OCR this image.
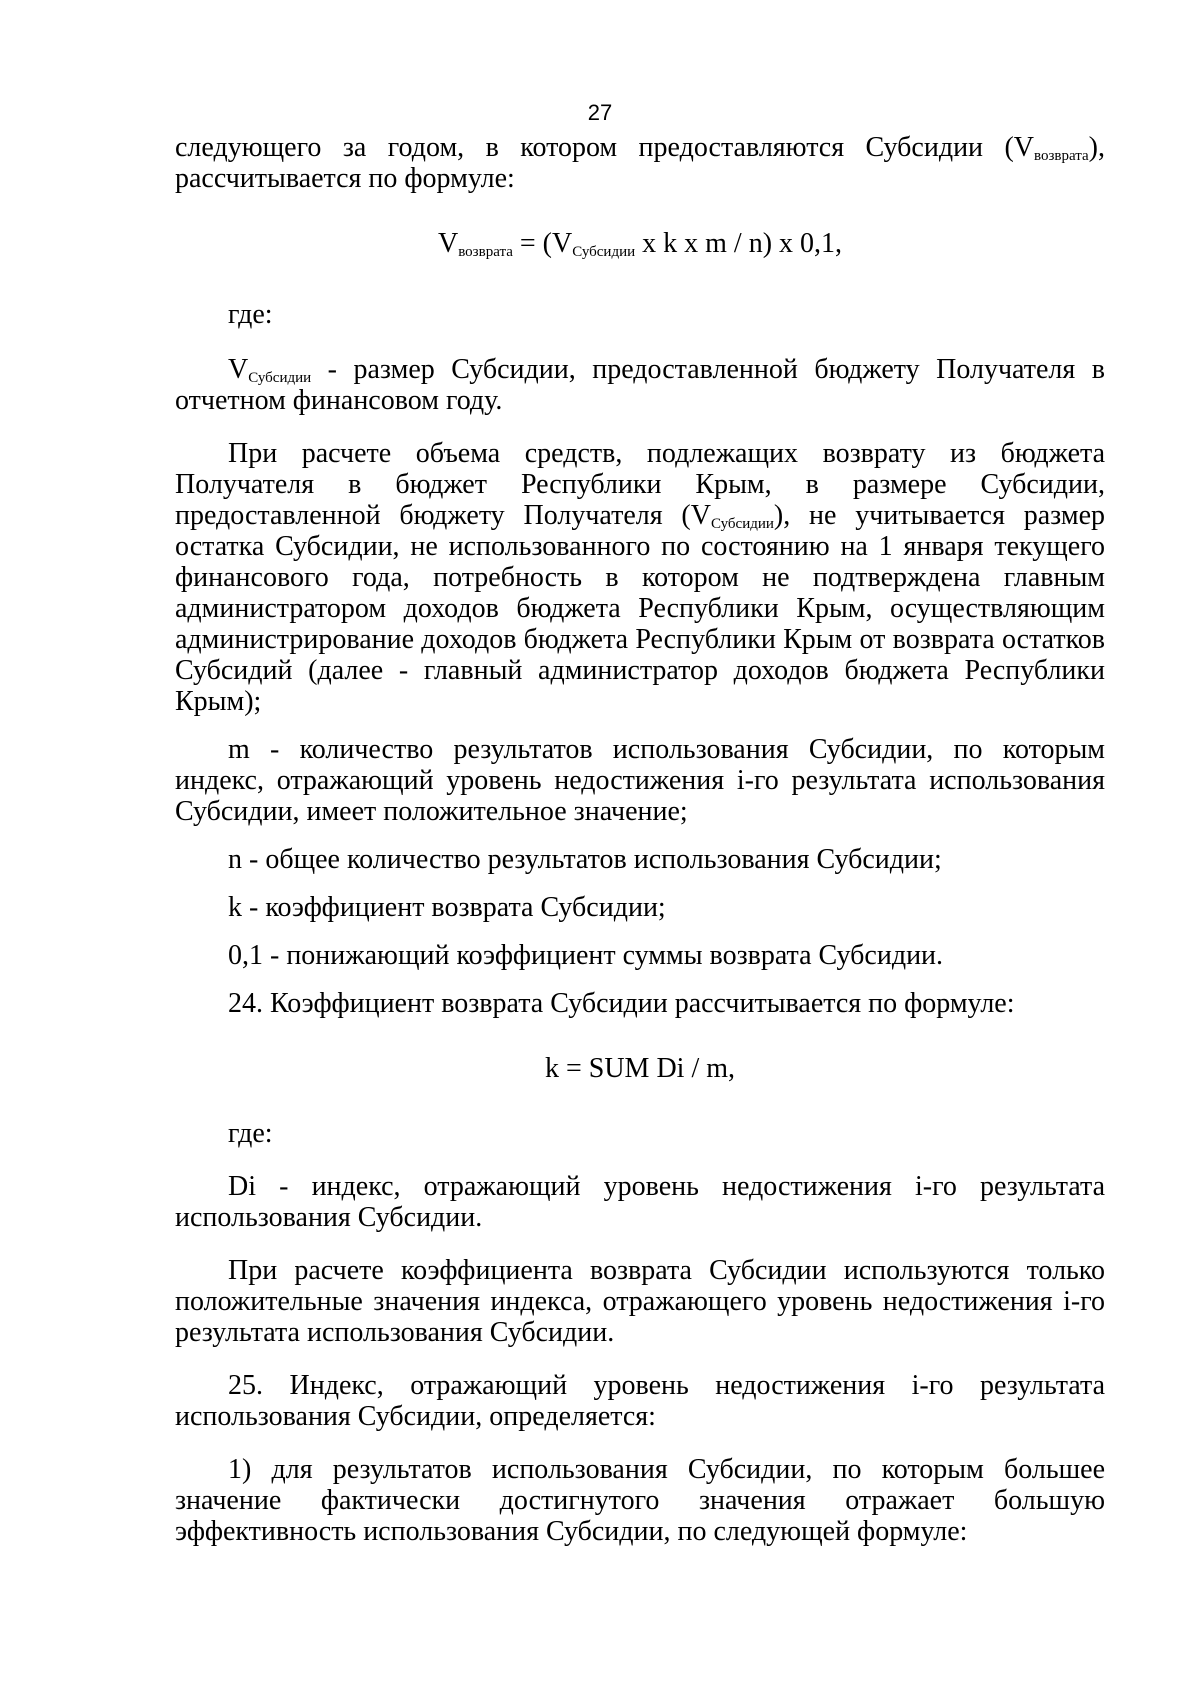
27

следующего за годом, в котором предоставляются Субсидии $(V_{возврата})$, рассчитывается по формуле:

$V_{возврата} = (V_{Субсидии}$ x k x m / n) x 0,1,

где:

$V_{Субсидии}$ - размер Субсидии, предоставленной бюджету Получателя в отчетном финансовом году.

При расчете объема средств, подлежащих возврату из бюджета Получателя в бюджет Республики Крым, в размере Субсидии, предоставленной бюджету Получателя $(V_{Субсидии})$, не учитывается размер остатка Субсидии, не использованного по состоянию на 1 января текущего финансового года, потребность в котором не подтверждена главным администратором доходов бюджета Республики Крым, осуществляющим администрирование доходов бюджета Республики Крым от возврата остатков Субсидий (далее - главный администратор доходов бюджета Республики Крым);

m - количество результатов использования Субсидии, по которым индекс, отражающий уровень недостижения i-го результата использования Субсидии, имеет положительное значение;

n - общее количество результатов использования Субсидии;

k - коэффициент возврата Субсидии;

0,1 - понижающий коэффициент суммы возврата Субсидии.

24. Коэффициент возврата Субсидии рассчитывается по формуле:

k = SUM Di / m,

где:

Di - индекс, отражающий уровень недостижения i-го результата использования Субсидии.

При расчете коэффициента возврата Субсидии используются только положительные значения индекса, отражающего уровень недостижения i-го результата использования Субсидии.

25. Индекс, отражающий уровень недостижения i-го результата использования Субсидии, определяется:

1) для результатов использования Субсидии, по которым большее значение фактически достигнутого значения отражает большую эффективность использования Субсидии, по следующей формуле:
